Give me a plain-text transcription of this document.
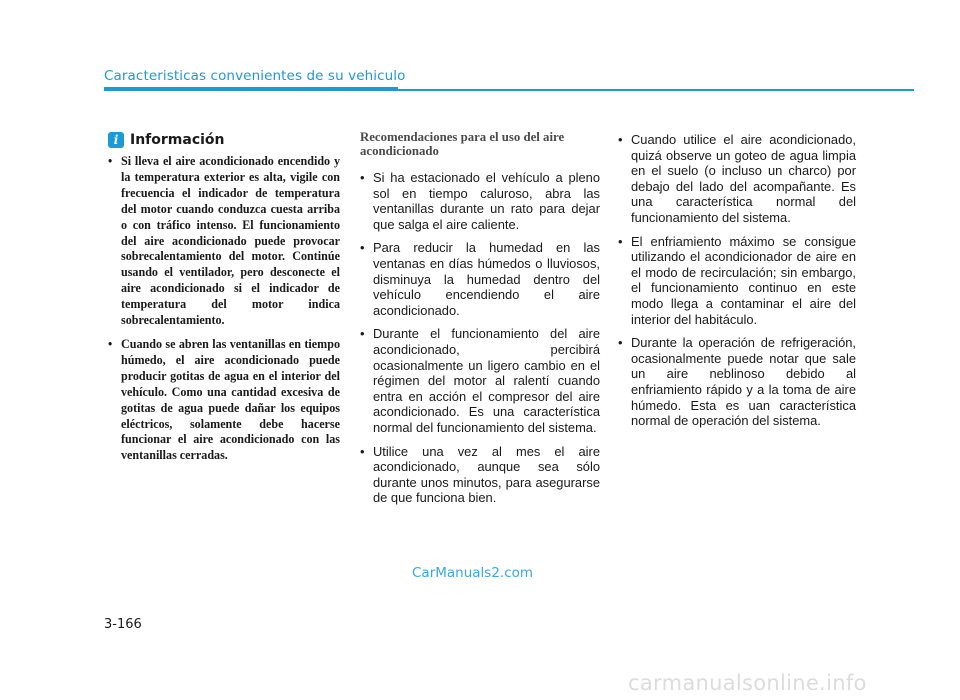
Caracteristicas convenientes de su vehiculo
i Información
• Si lleva el aire acondicionado encendido y la temperatura exterior es alta, vigile con frecuencia el indicador de temperatura del motor cuando conduzca cuesta arriba o con tráfico intenso. El funcionamiento del aire acondicionado puede provocar sobrecalentamiento del motor. Continúe usando el ventilador, pero desconecte el aire acondicionado si el indicador de temperatura del motor indica sobrecalentamiento.
• Cuando se abren las ventanillas en tiempo húmedo, el aire acondicionado puede producir gotitas de agua en el interior del vehículo. Como una cantidad excesiva de gotitas de agua puede dañar los equipos eléctricos, solamente debe hacerse funcionar el aire acondicionado con las ventanillas cerradas.
Recomendaciones para el uso del aire acondicionado
• Si ha estacionado el vehículo a pleno sol en tiempo caluroso, abra las ventanillas durante un rato para dejar que salga el aire caliente.
• Para reducir la humedad en las ventanas en días húmedos o lluviosos, disminuya la humedad dentro del vehículo encendiendo el aire acondicionado.
• Durante el funcionamiento del aire acondicionado, percibirá ocasionalmente un ligero cambio en el régimen del motor al ralentí cuando entra en acción el compresor del aire acondicionado. Es una característica normal del funcionamiento del sistema.
• Utilice una vez al mes el aire acondicionado, aunque sea sólo durante unos minutos, para asegurarse de que funciona bien.
• Cuando utilice el aire acondicionado, quizá observe un goteo de agua limpia en el suelo (o incluso un charco) por debajo del lado del acompañante. Es una característica normal del funcionamiento del sistema.
• El enfriamiento máximo se consigue utilizando el acondicionador de aire en el modo de recirculación; sin embargo, el funcionamiento continuo en este modo llega a contaminar el aire del interior del habitáculo.
• Durante la operación de refrigeración, ocasionalmente puede notar que sale un aire neblinoso debido al enfriamiento rápido y a la toma de aire húmedo. Esta es uan característica normal de operación del sistema.
CarManuals2.com
3-166
carmanualsonline.info
